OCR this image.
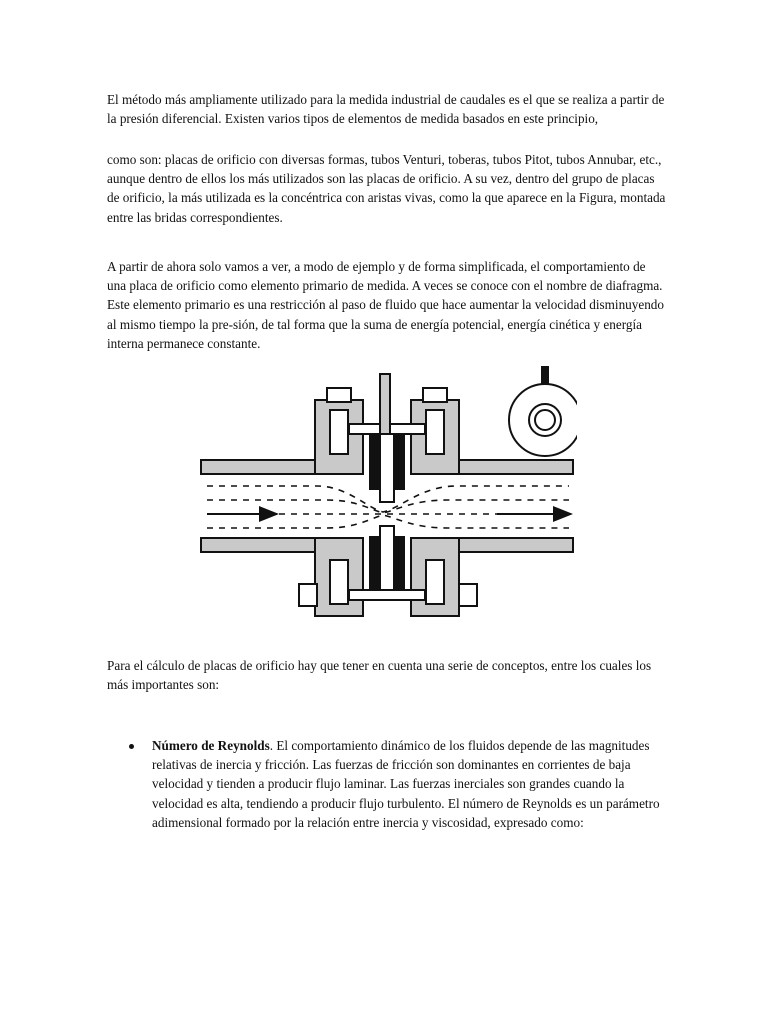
El método más ampliamente utilizado para la medida industrial de caudales es el que se realiza a partir de la presión diferencial. Existen varios tipos de elementos de medida basados en este principio,

como son: placas de orificio con diversas formas, tubos Venturi, toberas, tubos Pitot, tubos Annubar, etc., aunque dentro de ellos los más utilizados son las placas de orificio. A su vez, dentro del grupo de placas de orificio, la más utilizada es la concéntrica con aristas vivas, como la que aparece en la Figura, montada entre las bridas correspondientes.

A partir de ahora solo vamos a ver, a modo de ejemplo y de forma simplificada, el comportamiento de una placa de orificio como elemento primario de medida. A veces se conoce con el nombre de diafragma. Este elemento primario es una restricción al paso de fluido que hace aumentar la velocidad disminuyendo al mismo tiempo la pre-sión, de tal forma que la suma de energía potencial, energía cinética y energía interna permanece constante.

Para el cálculo de placas de orificio hay que tener en cuenta una serie de conceptos, entre los cuales los más importantes son:

Número de Reynolds. El comportamiento dinámico de los fluidos depende de las magnitudes relativas de inercia y fricción. Las fuerzas de fricción son dominantes en corrientes de baja velocidad y tienden a producir flujo laminar. Las fuerzas inerciales son grandes cuando la velocidad es alta, tendiendo a producir flujo turbulento. El número de Reynolds es un parámetro adimensional formado por la relación entre inercia y viscosidad, expresado como:
